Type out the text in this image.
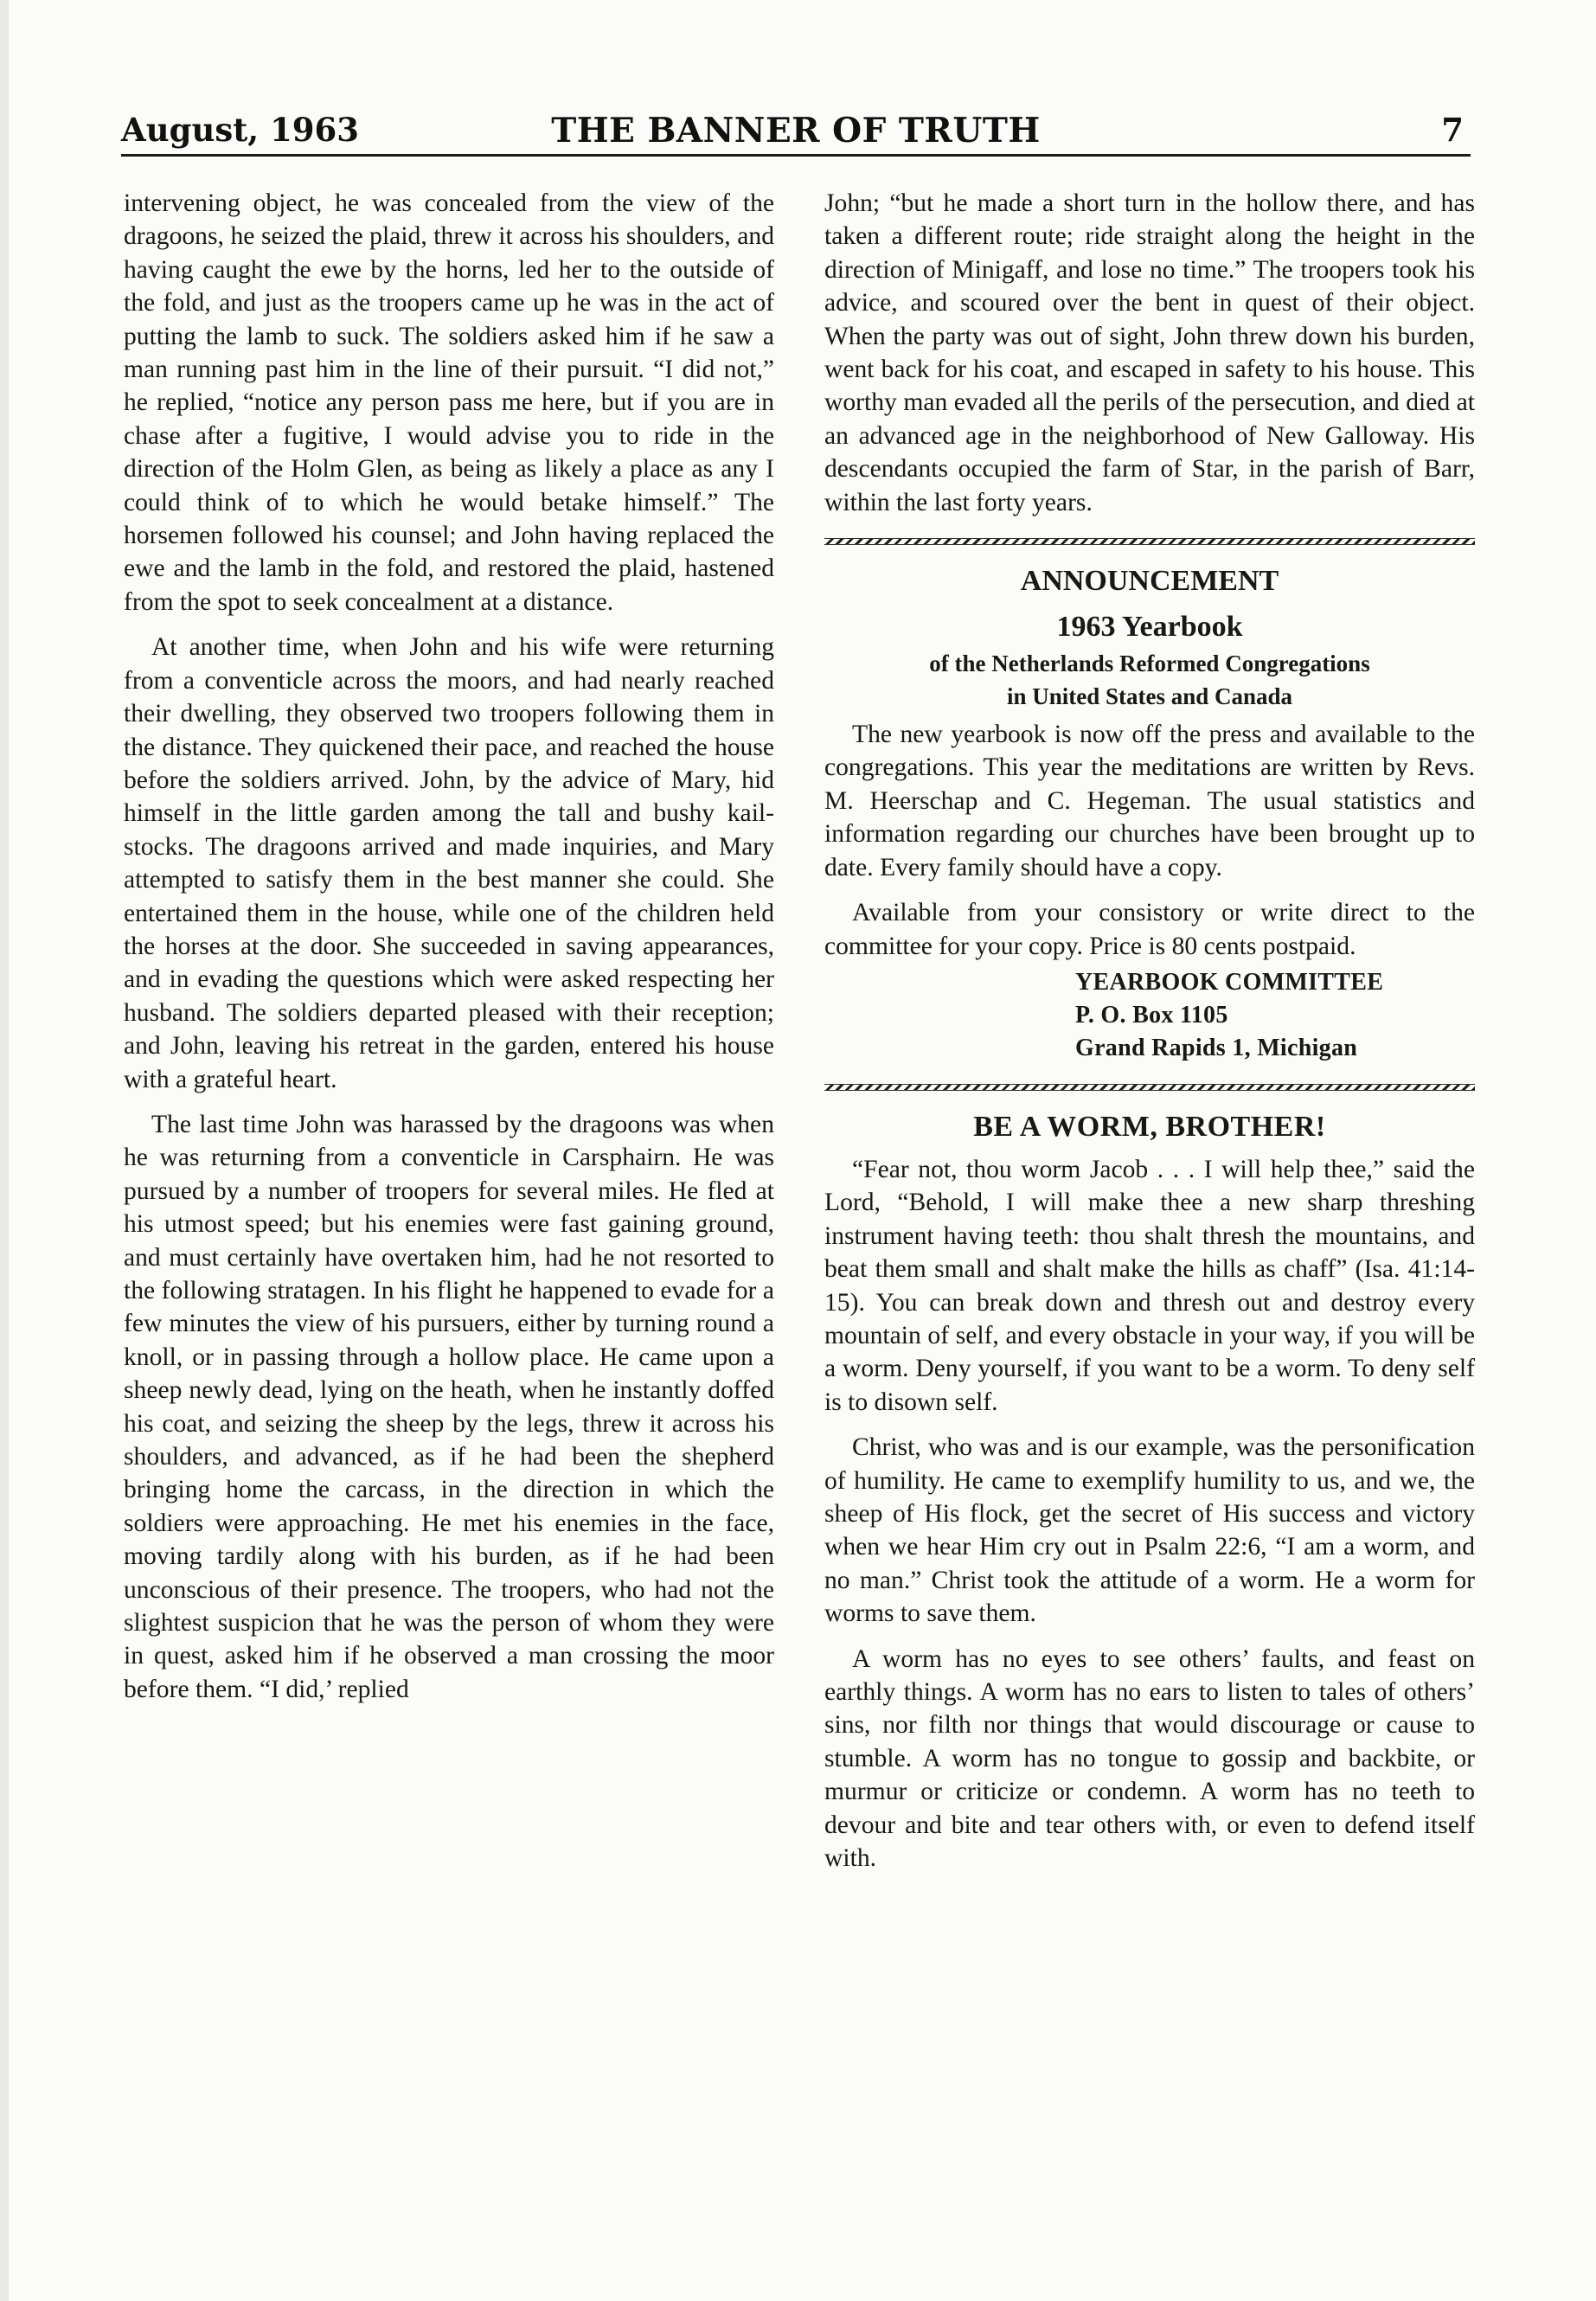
August, 1963	THE BANNER OF TRUTH	7

intervening object, he was concealed from the view of the dragoons, he seized the plaid, threw it across his shoulders, and having caught the ewe by the horns, led her to the outside of the fold, and just as the troopers came up he was in the act of putting the lamb to suck. The soldiers asked him if he saw a man running past him in the line of their pursuit. “I did not,” he replied, “notice any person pass me here, but if you are in chase after a fugitive, I would advise you to ride in the direction of the Holm Glen, as being as likely a place as any I could think of to which he would betake himself.” The horsemen followed his counsel; and John having replaced the ewe and the lamb in the fold, and restored the plaid, hastened from the spot to seek concealment at a distance.

At another time, when John and his wife were returning from a conventicle across the moors, and had nearly reached their dwelling, they observed two troopers following them in the distance. They quickened their pace, and reached the house before the soldiers arrived. John, by the advice of Mary, hid himself in the little garden among the tall and bushy kail-stocks. The dragoons arrived and made inquiries, and Mary attempted to satisfy them in the best manner she could. She entertained them in the house, while one of the children held the horses at the door. She succeeded in saving appearances, and in evading the questions which were asked respecting her husband. The soldiers departed pleased with their reception; and John, leaving his retreat in the garden, entered his house with a grateful heart.

The last time John was harassed by the dragoons was when he was returning from a conventicle in Carsphairn. He was pursued by a number of troopers for several miles. He fled at his utmost speed; but his enemies were fast gaining ground, and must certainly have overtaken him, had he not resorted to the following stratagen. In his flight he happened to evade for a few minutes the view of his pursuers, either by turning round a knoll, or in passing through a hollow place. He came upon a sheep newly dead, lying on the heath, when he instantly doffed his coat, and seizing the sheep by the legs, threw it across his shoulders, and advanced, as if he had been the shepherd bringing home the carcass, in the direction in which the soldiers were approaching. He met his enemies in the face, moving tardily along with his burden, as if he had been unconscious of their presence. The troopers, who had not the slightest suspicion that he was the person of whom they were in quest, asked him if he observed a man crossing the moor before them. “I did,’ replied

John; “but he made a short turn in the hollow there, and has taken a different route; ride straight along the height in the direction of Minigaff, and lose no time.” The troopers took his advice, and scoured over the bent in quest of their object. When the party was out of sight, John threw down his burden, went back for his coat, and escaped in safety to his house. This worthy man evaded all the perils of the persecution, and died at an advanced age in the neighborhood of New Galloway. His descendants occupied the farm of Star, in the parish of Barr, within the last forty years.

ANNOUNCEMENT
1963 Yearbook
of the Netherlands Reformed Congregations
in United States and Canada

The new yearbook is now off the press and available to the congregations. This year the meditations are written by Revs. M. Heerschap and C. Hegeman. The usual statistics and information regarding our churches have been brought up to date. Every family should have a copy.

Available from your consistory or write direct to the committee for your copy. Price is 80 cents postpaid.

YEARBOOK COMMITTEE
P. O. Box 1105
Grand Rapids 1, Michigan
BE A WORM, BROTHER!

“Fear not, thou worm Jacob . . . I will help thee,” said the Lord, “Behold, I will make thee a new sharp threshing instrument having teeth: thou shalt thresh the mountains, and beat them small and shalt make the hills as chaff” (Isa. 41:14-15). You can break down and thresh out and destroy every mountain of self, and every obstacle in your way, if you will be a worm. Deny yourself, if you want to be a worm. To deny self is to disown self.

Christ, who was and is our example, was the personification of humility. He came to exemplify humility to us, and we, the sheep of His flock, get the secret of His success and victory when we hear Him cry out in Psalm 22:6, “I am a worm, and no man.” Christ took the attitude of a worm. He a worm for worms to save them.

A worm has no eyes to see others’ faults, and feast on earthly things. A worm has no ears to listen to tales of others’ sins, nor filth nor things that would discourage or cause to stumble. A worm has no tongue to gossip and backbite, or murmur or criticize or condemn. A worm has no teeth to devour and bite and tear others with, or even to defend itself with.
